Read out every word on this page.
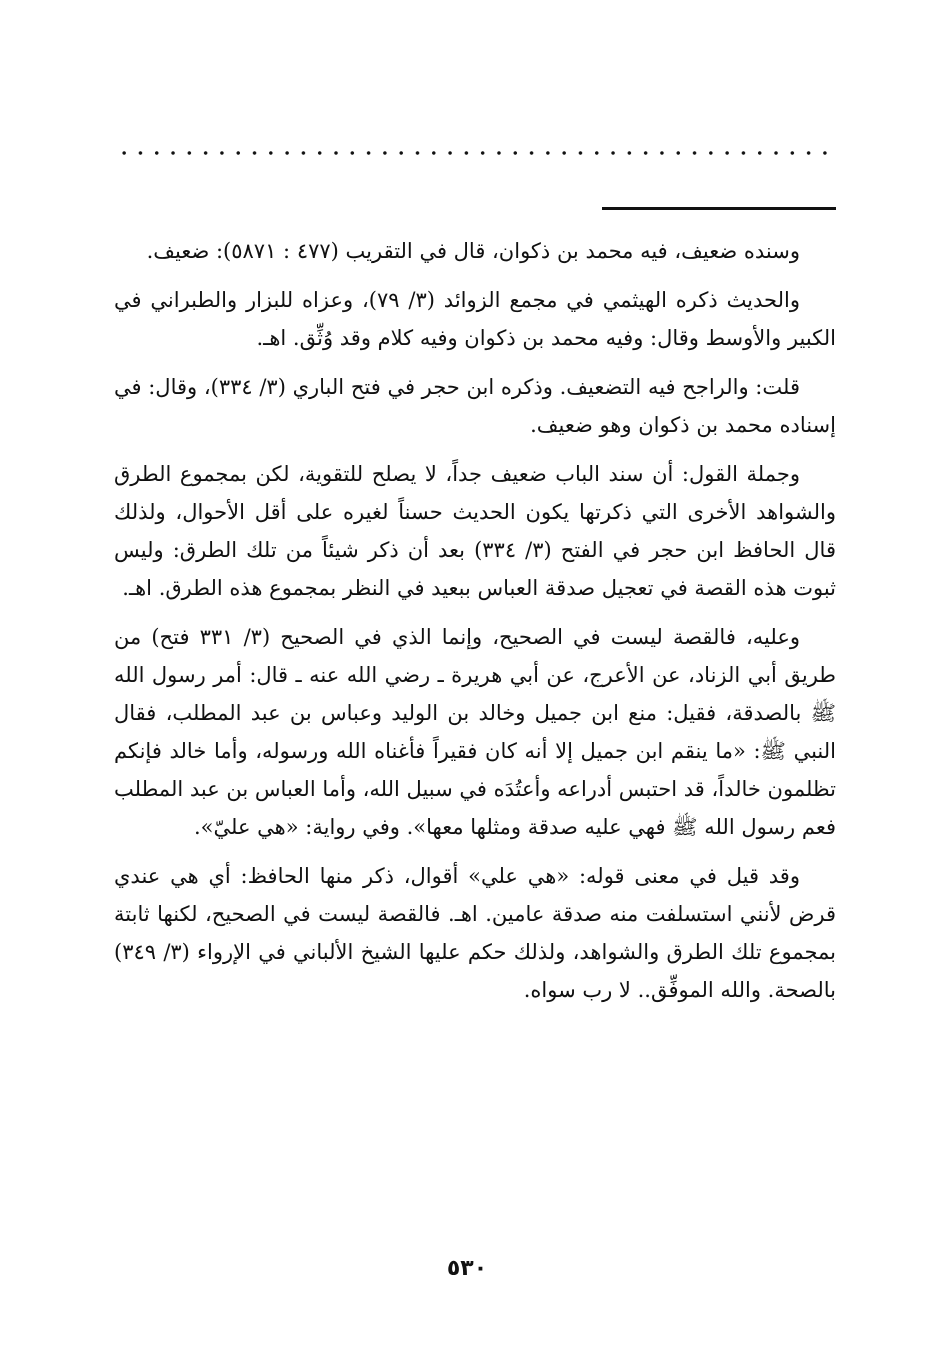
وسنده ضعيف، فيه محمد بن ذكوان، قال في التقريب (٤٧٧ : ٥٨٧١): ضعيف.

والحديث ذكره الهيثمي في مجمع الزوائد (٣/ ٧٩)، وعزاه للبزار والطبراني في الكبير والأوسط وقال: وفيه محمد بن ذكوان وفيه كلام وقد وُثِّق. اهـ.

قلت: والراجح فيه التضعيف. وذكره ابن حجر في فتح الباري (٣/ ٣٣٤)، وقال: في إسناده محمد بن ذكوان وهو ضعيف.

وجملة القول: أن سند الباب ضعيف جداً، لا يصلح للتقوية، لكن بمجموع الطرق والشواهد الأخرى التي ذكرتها يكون الحديث حسناً لغيره على أقل الأحوال، ولذلك قال الحافظ ابن حجر في الفتح (٣/ ٣٣٤) بعد أن ذكر شيئاً من تلك الطرق: وليس ثبوت هذه القصة في تعجيل صدقة العباس ببعيد في النظر بمجموع هذه الطرق. اهـ.

وعليه، فالقصة ليست في الصحيح، وإنما الذي في الصحيح (٣/ ٣٣١ فتح) من طريق أبي الزناد، عن الأعرج، عن أبي هريرة ـ رضي الله عنه ـ قال: أمر رسول الله ﷺ بالصدقة، فقيل: منع ابن جميل وخالد بن الوليد وعباس بن عبد المطلب، فقال النبي ﷺ: «ما ينقم ابن جميل إلا أنه كان فقيراً فأغناه الله ورسوله، وأما خالد فإنكم تظلمون خالداً، قد احتبس أدراعه وأعتُدَه في سبيل الله، وأما العباس بن عبد المطلب فعم رسول الله ﷺ فهي عليه صدقة ومثلها معها». وفي رواية: «هي عليّ».

وقد قيل في معنى قوله: «هي علي» أقوال، ذكر منها الحافظ: أي هي عندي قرض لأنني استسلفت منه صدقة عامين. اهـ. فالقصة ليست في الصحيح، لكنها ثابتة بمجموع تلك الطرق والشواهد، ولذلك حكم عليها الشيخ الألباني في الإرواء (٣/ ٣٤٩) بالصحة. والله الموفِّق.. لا رب سواه.

٥٣٠
